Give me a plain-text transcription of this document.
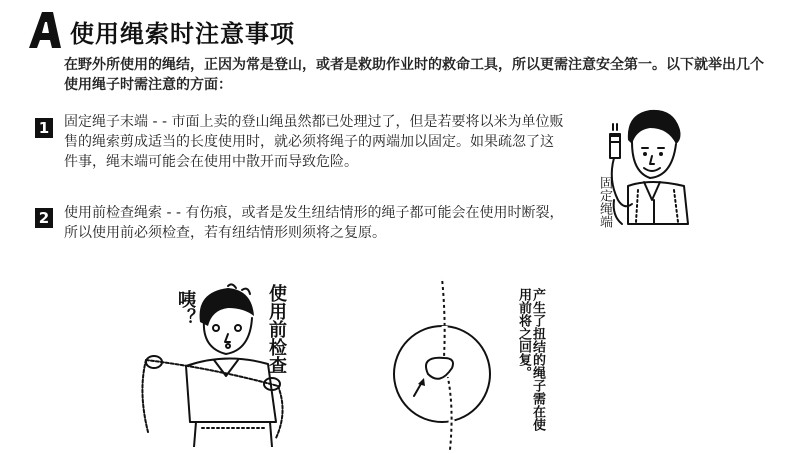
使用绳索时注意事项
在野外所使用的绳结，正因为常是登山，或者是救助作业时的救命工具，所以更需注意安全第一。以下就举出几个使用绳子时需注意的方面：
1 固定绳子末端 - - 市面上卖的登山绳虽然都已处理过了，但是若要将以米为单位贩售的绳索剪成适当的长度使用时，就必须将绳子的两端加以固定。如果疏忽了这件事，绳末端可能会在使用中散开而导致危险。
2 使用前检查绳索 - - 有伤痕，或者是发生纽结情形的绳子都可能会在使用时断裂，所以使用前必须检查，若有纽结情形则须将之复原。
固定绳端
咦？	使用前检查	产生了扭结的绳子需在使用前将之回复。
